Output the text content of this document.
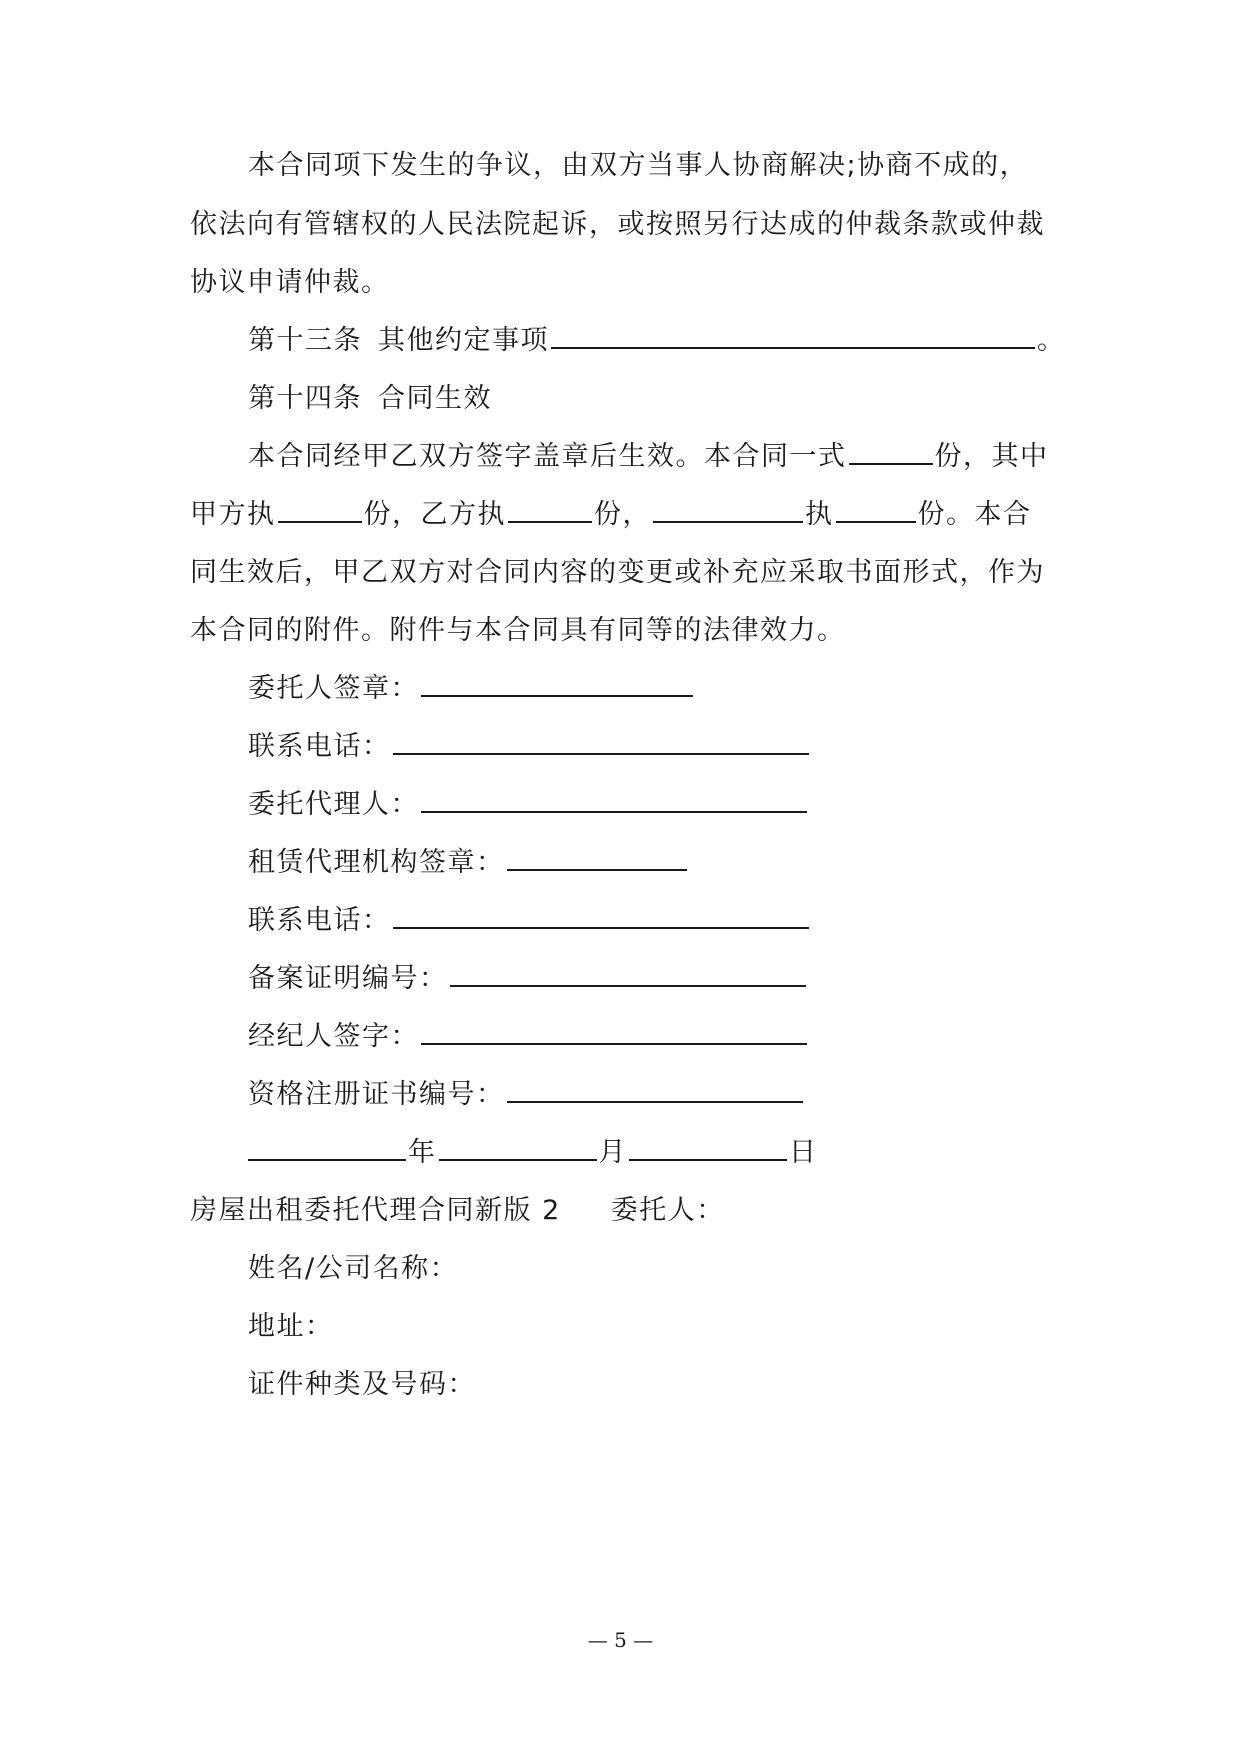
本合同项下发生的争议，由双方当事人协商解决;协商不成的，
依法向有管辖权的人民法院起诉，或按照另行达成的仲裁条款或仲裁
协议申请仲裁。
第十三条 其他约定事项	。
第十四条 合同生效
本合同经甲乙双方签字盖章后生效。本合同一式	份，其中
甲方执	份，乙方执	份，	执	份。本合
同生效后，甲乙双方对合同内容的变更或补充应采取书面形式，作为
本合同的附件。附件与本合同具有同等的法律效力。
委托人签章：
联系电话：
委托代理人：
租赁代理机构签章：
联系电话：
备案证明编号：
经纪人签字：
资格注册证书编号：
年	月	日
房屋出租委托代理合同新版 2 委托人：
姓名/公司名称：
地址：
证件种类及号码：
— 5 —
